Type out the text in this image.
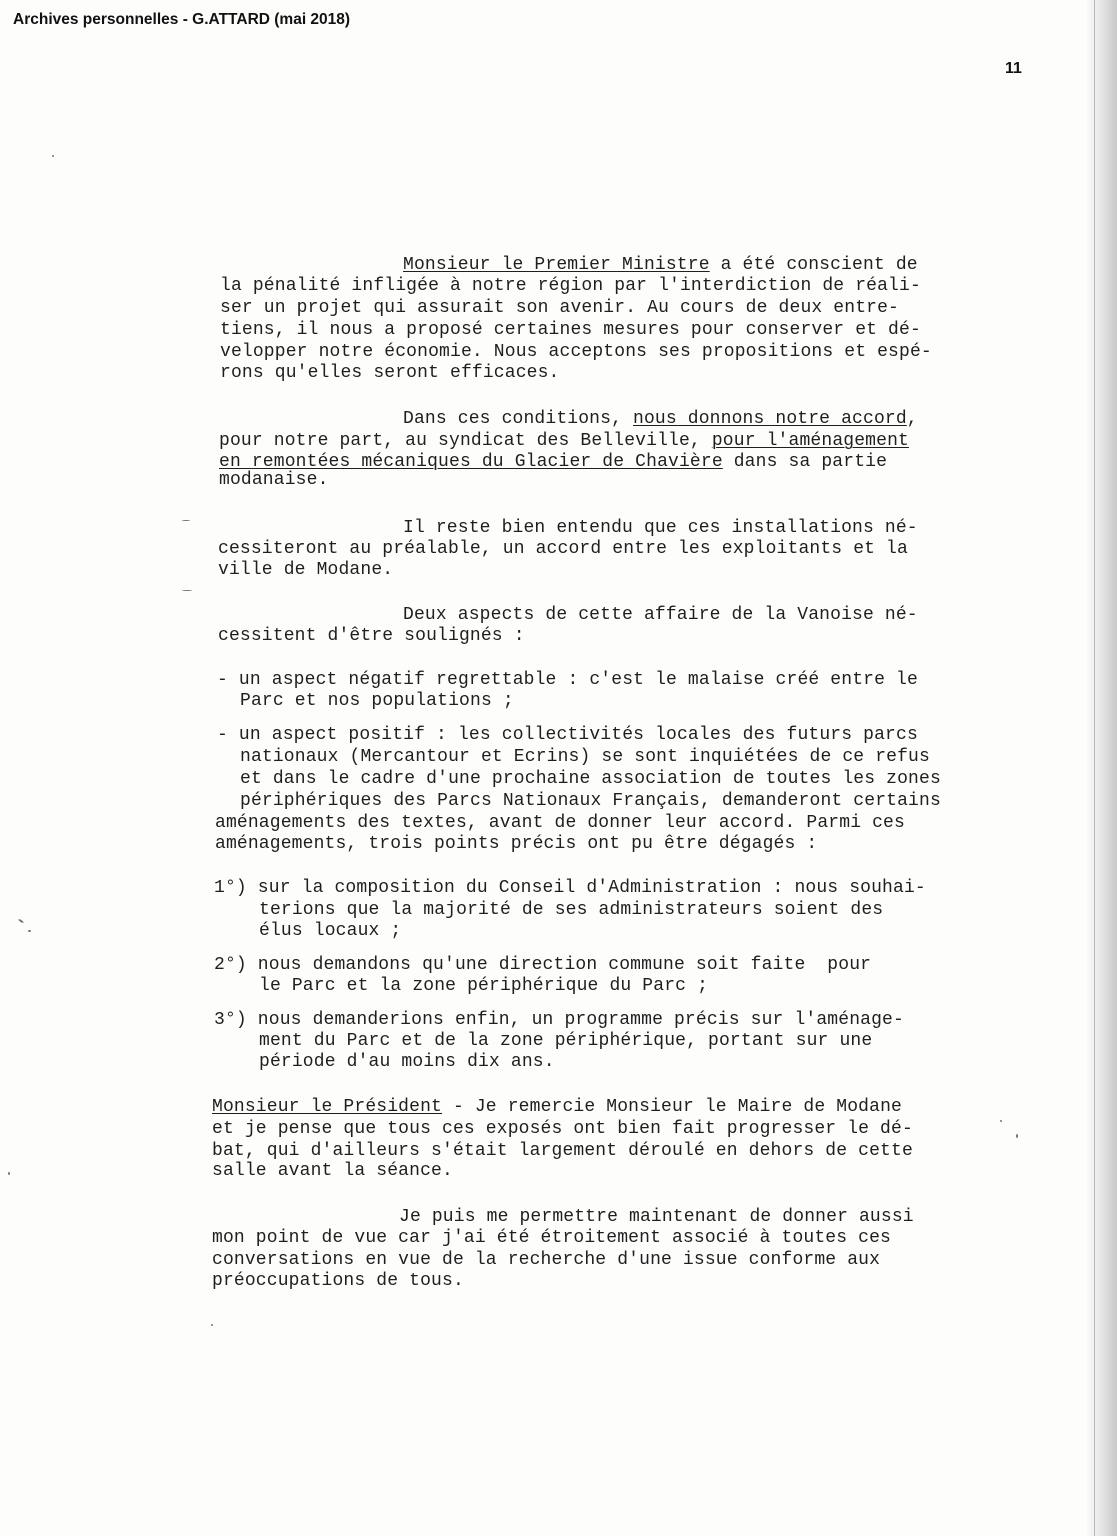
Archives personnelles - G.ATTARD (mai 2018)
11
Monsieur le Premier Ministre a été conscient de
la pénalité infligée à notre région par l'interdiction de réali-
ser un projet qui assurait son avenir. Au cours de deux entre-
tiens, il nous a proposé certaines mesures pour conserver et dé-
velopper notre économie. Nous acceptons ses propositions et espé-
rons qu'elles seront efficaces.
Dans ces conditions, nous donnons notre accord,
pour notre part, au syndicat des Belleville, pour l'aménagement
en remontées mécaniques du Glacier de Chavière dans sa partie
modanaise.
Il reste bien entendu que ces installations né-
cessiteront au préalable, un accord entre les exploitants et la
ville de Modane.
Deux aspects de cette affaire de la Vanoise né-
cessitent d'être soulignés :
- un aspect négatif regrettable : c'est le malaise créé entre le
Parc et nos populations ;
- un aspect positif : les collectivités locales des futurs parcs
nationaux (Mercantour et Ecrins) se sont inquiétées de ce refus
et dans le cadre d'une prochaine association de toutes les zones
périphériques des Parcs Nationaux Français, demanderont certains
aménagements des textes, avant de donner leur accord. Parmi ces
aménagements, trois points précis ont pu être dégagés :
1°) sur la composition du Conseil d'Administration : nous souhai-
terions que la majorité de ses administrateurs soient des
élus locaux ;
2°) nous demandons qu'une direction commune soit faite  pour
le Parc et la zone périphérique du Parc ;
3°) nous demanderions enfin, un programme précis sur l'aménage-
ment du Parc et de la zone périphérique, portant sur une
période d'au moins dix ans.
Monsieur le Président - Je remercie Monsieur le Maire de Modane
et je pense que tous ces exposés ont bien fait progresser le dé-
bat, qui d'ailleurs s'était largement déroulé en dehors de cette
salle avant la séance.
Je puis me permettre maintenant de donner aussi
mon point de vue car j'ai été étroitement associé à toutes ces
conversations en vue de la recherche d'une issue conforme aux
préoccupations de tous.
